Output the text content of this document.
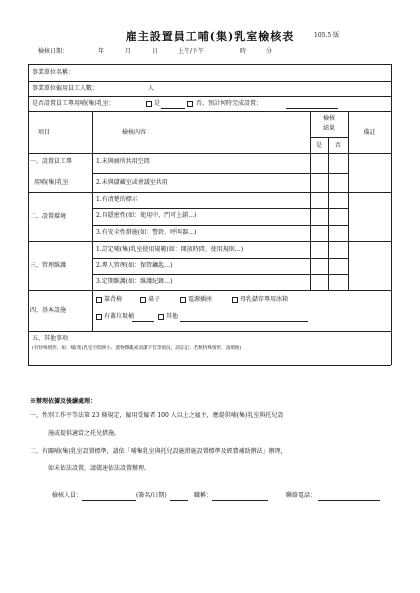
雇主設置員工哺(集)乳室檢核表	105.5 版
檢核日期：	年	月	日	上午/下午	時	分
事業單位名稱：
事業單位僱用員工人數：	人
是否設置員工專用哺(集)乳室：	是	否，預計何時完成設置：
項目	檢核內容
檢核
結果
是	否
備註
一、設置員工專
用哺(集)乳室
1.未與廁所共用空間
2.未與儲藏室或會議室共用
二、設置環境
1.有清楚的標示
2.具隱密性(如：使用中，門可上鎖…)
3.有安全性措施(如：警鈴、呼叫器…)
三、管理維護
1.訂定哺(集)乳室使用規範(如：開放時間、使用規則…)
2.專人管理(如：保管鑰匙…)
3.定期維護(如：維護紀錄…)
四、基本設施
靠背椅	桌子	電源插座	母乳儲存專用冰箱
有蓋垃圾桶	其他
五、其他事項
(有特殊情形，如：哺(集)乳室空間狹小、置物雜亂或清潔不佳等情況，請註記；若無特殊情形，請填無)
※辦理依據及後續處理：
一、性別工作平等法第 23 條規定，僱用受僱者 100 人以上之雇主，應提供哺(集)乳室與托兒設
施或提供適當之托兒措施。
二、有關哺(集)乳室設置標準，請依「哺集乳室與托兒設施措施設置標準及經費補助辦法」辦理，
如未依法設置，請儘速依法設置辦理。
檢核人員：	(簽名/日期)	職稱：	聯絡電話：
